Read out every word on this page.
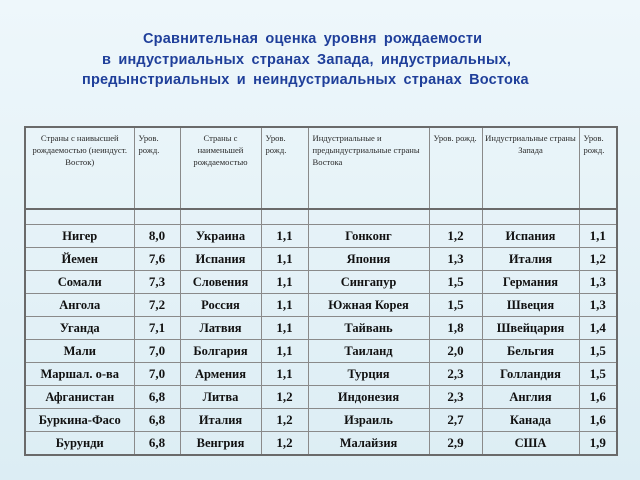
Сравнительная оценка уровня рождаемости
в индустриальных странах Запада, индустриальных,
предынстриальных и неиндустриальных странах Востока
Страны с наивысшей рождаемостью (неиндуст. Восток)	Уров. рожд.	Страны с наименьшей рождаемостью	Уров. рожд.	Индустриальные и предындустриальные страны Востока	Уров. рожд.	Индустриальные страны Запада	Уров. рожд.

Нигер	8,0	Украина	1,1	Гонконг	1,2	Испания	1,1
Йемен	7,6	Испания	1,1	Япония	1,3	Италия	1,2
Сомали	7,3	Словения	1,1	Сингапур	1,5	Германия	1,3
Ангола	7,2	Россия	1,1	Южная Корея	1,5	Швеция	1,3
Уганда	7,1	Латвия	1,1	Тайвань	1,8	Швейцария	1,4
Мали	7,0	Болгария	1,1	Таиланд	2,0	Бельгия	1,5
Маршал. о-ва	7,0	Армения	1,1	Турция	2,3	Голландия	1,5
Афганистан	6,8	Литва	1,2	Индонезия	2,3	Англия	1,6
Буркина-Фасо	6,8	Италия	1,2	Израиль	2,7	Канада	1,6
Бурунди	6,8	Венгрия	1,2	Малайзия	2,9	США	1,9
